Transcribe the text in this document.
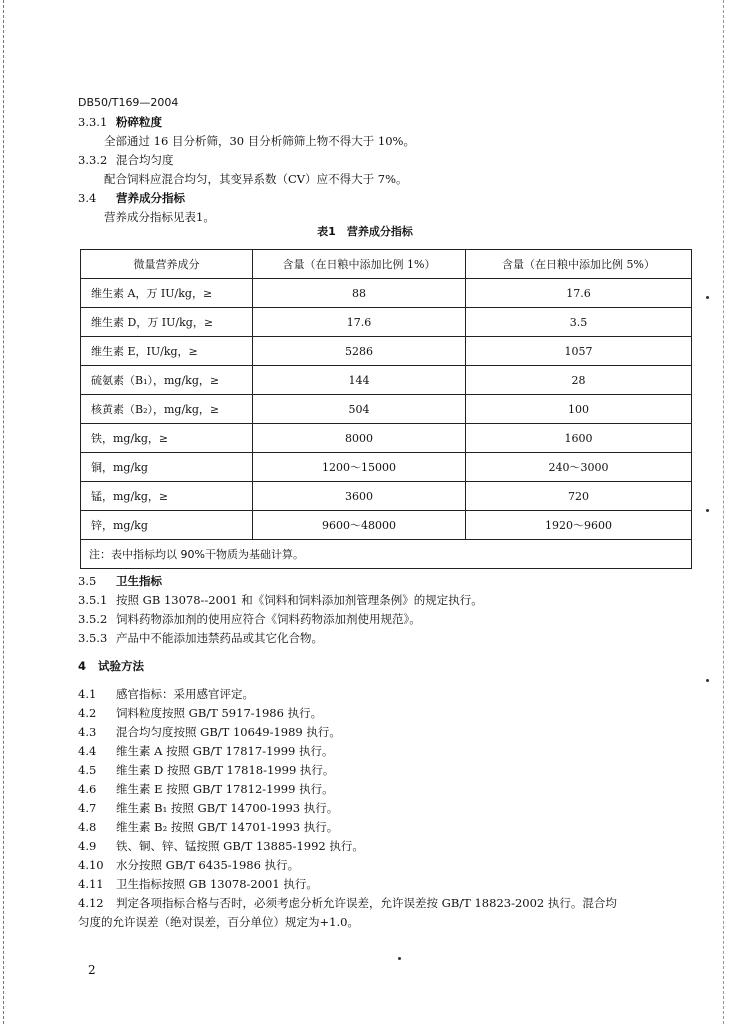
DB50/T169—2004
3.3.1 粉碎粒度
全部通过 16 目分析筛，30 目分析筛筛上物不得大于 10%。
3.3.2 混合均匀度
配合饲料应混合均匀，其变异系数（CV）应不得大于 7%。
3.4 营养成分指标
营养成分指标见表1。
表1　营养成分指标
微量营养成分	含量（在日粮中添加比例 1%）	含量（在日粮中添加比例 5%）
维生素 A，万 IU/kg，≥	88	17.6
维生素 D，万 IU/kg，≥	17.6	3.5
维生素 E，IU/kg，≥	5286	1057
硫氨素（B₁），mg/kg，≥	144	28
核黄素（B₂），mg/kg，≥	504	100
铁，mg/kg，≥	8000	1600
铜，mg/kg	1200～15000	240～3000
锰，mg/kg，≥	3600	720
锌，mg/kg	9600～48000	1920～9600
注：表中指标均以 90%干物质为基础计算。		
3.5 卫生指标
3.5.1 按照 GB 13078--2001 和《饲料和饲料添加剂管理条例》的规定执行。
3.5.2 饲料药物添加剂的使用应符合《饲料药物添加剂使用规范》。
3.5.3 产品中不能添加违禁药品或其它化合物。
4 试验方法
4.1 感官指标：采用感官评定。
4.2 饲料粒度按照 GB/T 5917-1986 执行。
4.3 混合均匀度按照 GB/T 10649-1989 执行。
4.4 维生素 A 按照 GB/T 17817-1999 执行。
4.5 维生素 D 按照 GB/T 17818-1999 执行。
4.6 维生素 E 按照 GB/T 17812-1999 执行。
4.7 维生素 B₁ 按照 GB/T 14700-1993 执行。
4.8 维生素 B₂ 按照 GB/T 14701-1993 执行。
4.9 铁、铜、锌、锰按照 GB/T 13885-1992 执行。
4.10 水分按照 GB/T 6435-1986 执行。
4.11 卫生指标按照 GB 13078-2001 执行。
4.12 判定各项指标合格与否时，必须考虑分析允许误差，允许误差按 GB/T 18823-2002 执行。混合均
匀度的允许误差（绝对误差，百分单位）规定为+1.0。
2
